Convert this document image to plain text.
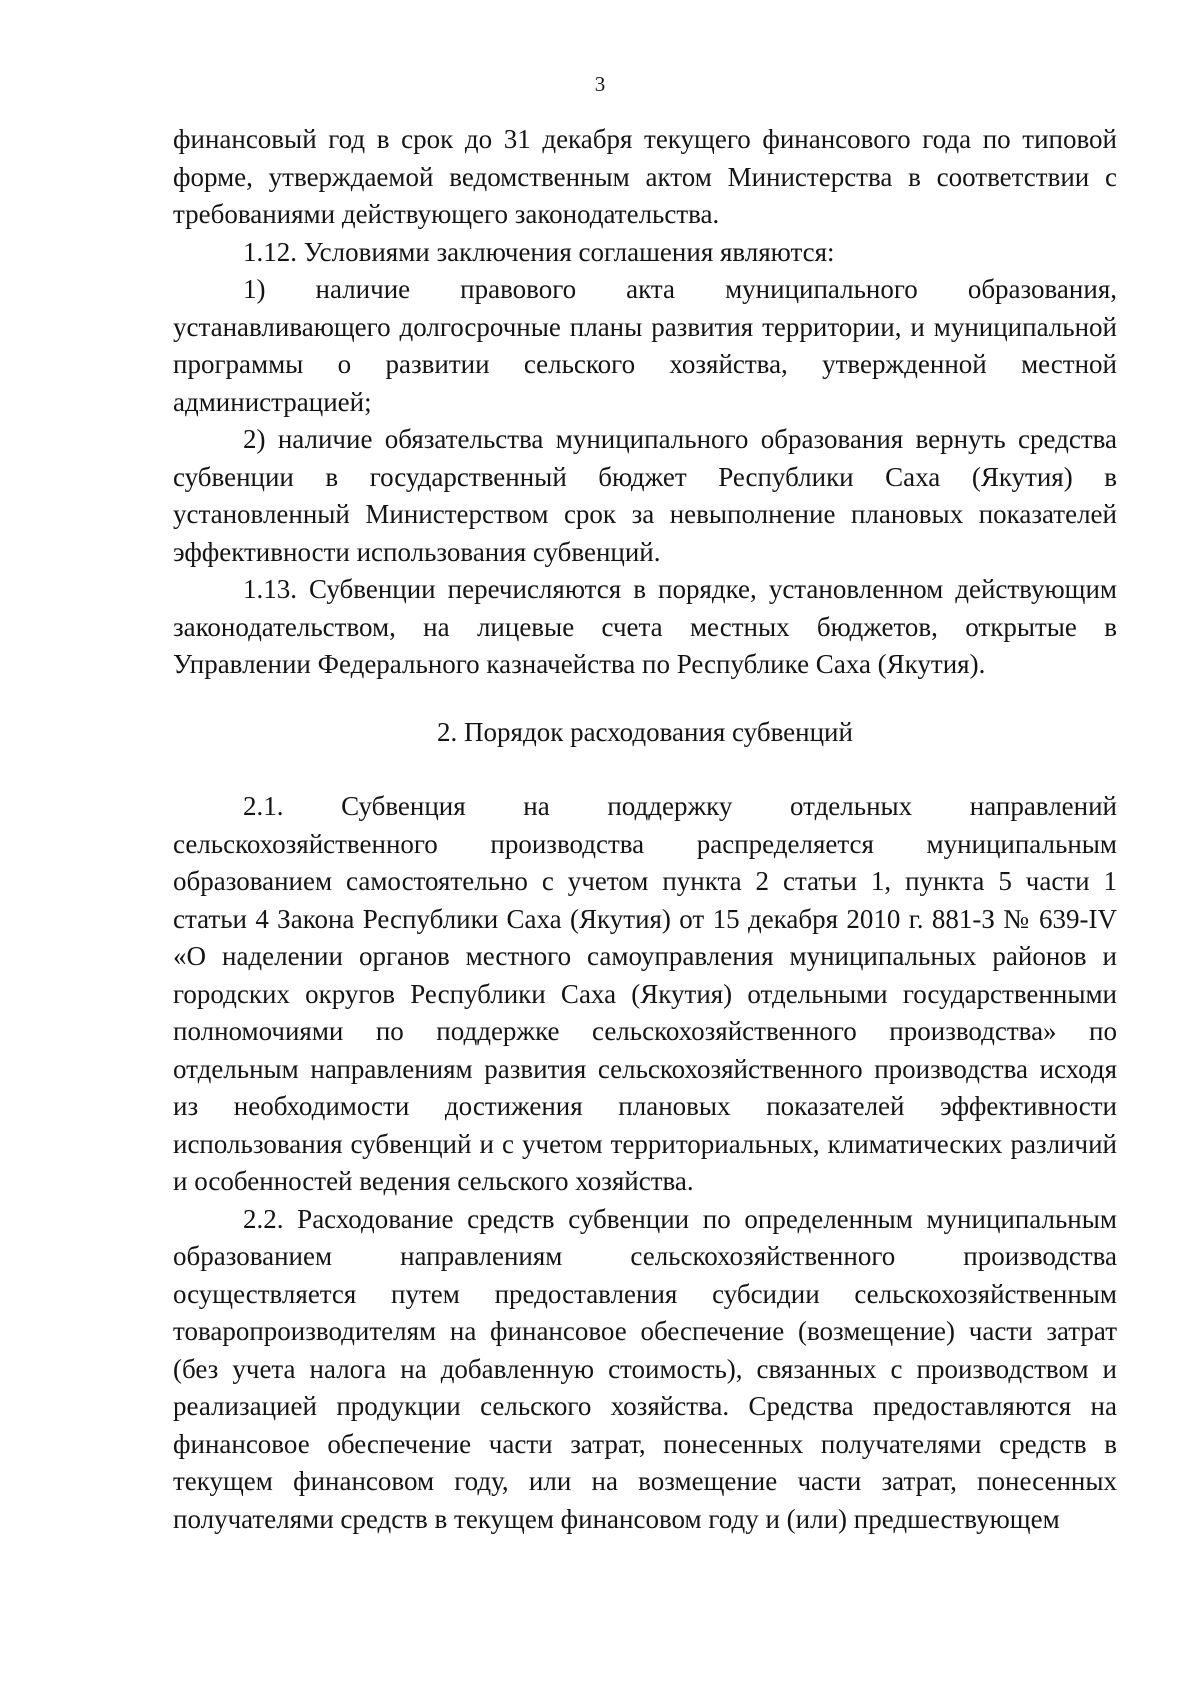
3

финансовый год в срок до 31 декабря текущего финансового года по типовой форме, утверждаемой ведомственным актом Министерства в соответствии с требованиями действующего законодательства.

1.12. Условиями заключения соглашения являются:

1) наличие правового акта муниципального образования, устанавливающего долгосрочные планы развития территории, и муниципальной программы о развитии сельского хозяйства, утвержденной местной администрацией;

2) наличие обязательства муниципального образования вернуть средства субвенции в государственный бюджет Республики Саха (Якутия) в установленный Министерством срок за невыполнение плановых показателей эффективности использования субвенций.

1.13. Субвенции перечисляются в порядке, установленном действующим законодательством, на лицевые счета местных бюджетов, открытые в Управлении Федерального казначейства по Республике Саха (Якутия).

2. Порядок расходования субвенций

2.1. Субвенция на поддержку отдельных направлений сельскохозяйственного производства распределяется муниципальным образованием самостоятельно с учетом пункта 2 статьи 1, пункта 5 части 1 статьи 4 Закона Республики Саха (Якутия) от 15 декабря 2010 г. 881-З № 639-IV «О наделении органов местного самоуправления муниципальных районов и городских округов Республики Саха (Якутия) отдельными государственными полномочиями по поддержке сельскохозяйственного производства» по отдельным направлениям развития сельскохозяйственного производства исходя из необходимости достижения плановых показателей эффективности использования субвенций и с учетом территориальных, климатических различий и особенностей ведения сельского хозяйства.

2.2. Расходование средств субвенции по определенным муниципальным образованием направлениям сельскохозяйственного производства осуществляется путем предоставления субсидии сельскохозяйственным товаропроизводителям на финансовое обеспечение (возмещение) части затрат (без учета налога на добавленную стоимость), связанных с производством и реализацией продукции сельского хозяйства. Средства предоставляются на финансовое обеспечение части затрат, понесенных получателями средств в текущем финансовом году, или на возмещение части затрат, понесенных получателями средств в текущем финансовом году и (или) предшествующем
